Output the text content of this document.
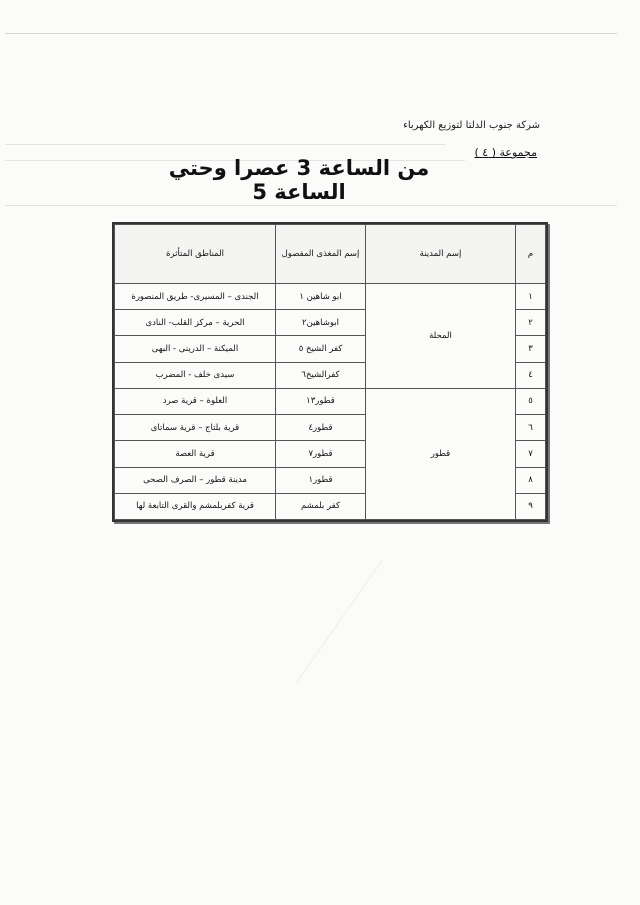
شركة جنوب الدلتا لتوزيع الكهرباء
مجموعة ( ٤ )
من الساعة 3 عصرا وحتي الساعة 5
م	إسم المدينة	إسم المغذى المفصول	المناطق المتأثرة
١	المحلة	ابو شاهين ١	الجندى – المسيرى- طريق المنصورة
٢		ابوشاهين٢	الحرية – مركز القلب- النادى
٣		كفر الشيخ ٥	الميكنة – الدرينى - البهى
٤		كفرالشيخ٦	سيدى خلف - المضرب
٥	قطور	قطور١٣	العلوة – قرية صرد
٦		قطور٤	قرية بلتاج – قرية سماتاى
٧		قطور٧	قرية العصة
٨		قطور١	مدينة قطور – الصرف الصحى
٩		كفر بلمشم	قرية كفربلمشم والقرى التابعة لها
